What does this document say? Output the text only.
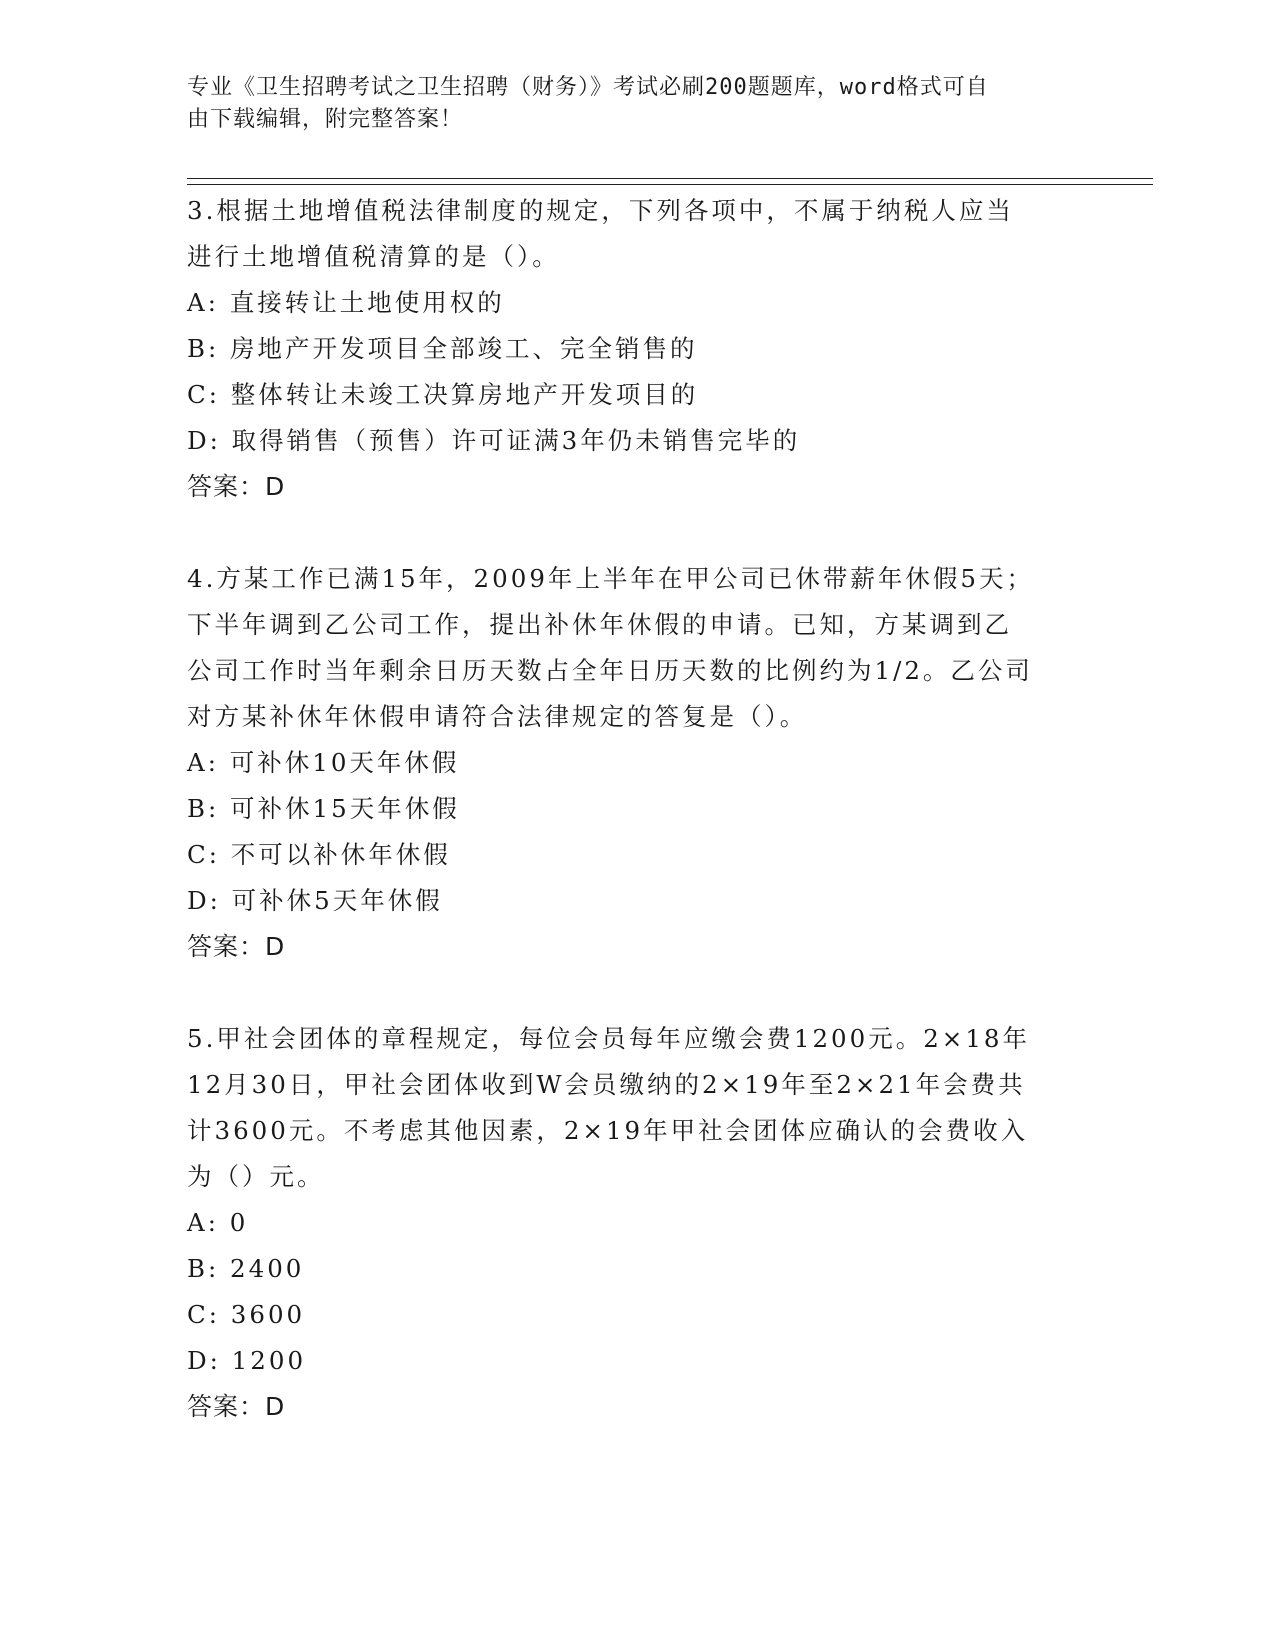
专业《卫生招聘考试之卫生招聘（财务）》考试必刷200题题库，word格式可自
由下载编辑，附完整答案！

3.根据土地增值税法律制度的规定，下列各项中，不属于纳税人应当

进行土地增值税清算的是（）。

A: 直接转让土地使用权的

B: 房地产开发项目全部竣工、完全销售的

C: 整体转让未竣工决算房地产开发项目的

D: 取得销售（预售）许可证满3年仍未销售完毕的

答案：D

4.方某工作已满15年，2009年上半年在甲公司已休带薪年休假5天；

下半年调到乙公司工作，提出补休年休假的申请。已知，方某调到乙

公司工作时当年剩余日历天数占全年日历天数的比例约为1/2。乙公司

对方某补休年休假申请符合法律规定的答复是（）。

A: 可补休10天年休假

B: 可补休15天年休假

C: 不可以补休年休假

D: 可补休5天年休假

答案：D

5.甲社会团体的章程规定，每位会员每年应缴会费1200元。2×18年

12月30日，甲社会团体收到W会员缴纳的2×19年至2×21年会费共

计3600元。不考虑其他因素，2×19年甲社会团体应确认的会费收入

为（）元。

A: 0

B: 2400

C: 3600

D: 1200

答案：D
